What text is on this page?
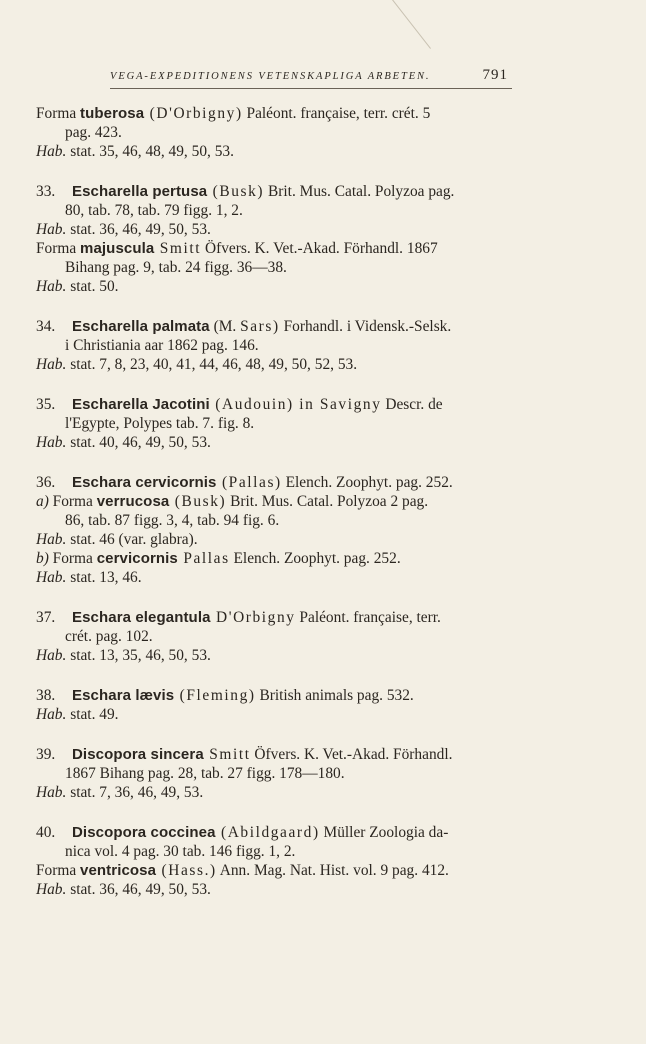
VEGA-EXPEDITIONENS VETENSKAPLIGA ARBETEN.	791
Forma tuberosa (D'Orbigny) Paléont. française, terr. crét. 5
pag. 423.
Hab. stat. 35, 46, 48, 49, 50, 53.
33. Escharella pertusa (Busk) Brit. Mus. Catal. Polyzoa pag.
80, tab. 78, tab. 79 figg. 1, 2.
Hab. stat. 36, 46, 49, 50, 53.
Forma majuscula Smitt Öfvers. K. Vet.-Akad. Förhandl. 1867
Bihang pag. 9, tab. 24 figg. 36—38.
Hab. stat. 50.
34. Escharella palmata (M. Sars) Forhandl. i Vidensk.-Selsk.
i Christiania aar 1862 pag. 146.
Hab. stat. 7, 8, 23, 40, 41, 44, 46, 48, 49, 50, 52, 53.
35. Escharella Jacotini (Audouin) in Savigny Descr. de
l'Egypte, Polypes tab. 7. fig. 8.
Hab. stat. 40, 46, 49, 50, 53.
36. Eschara cervicornis (Pallas) Elench. Zoophyt. pag. 252.
a) Forma verrucosa (Busk) Brit. Mus. Catal. Polyzoa 2 pag.
86, tab. 87 figg. 3, 4, tab. 94 fig. 6.
Hab. stat. 46 (var. glabra).
b) Forma cervicornis Pallas Elench. Zoophyt. pag. 252.
Hab. stat. 13, 46.
37. Eschara elegantula D'Orbigny Paléont. française, terr.
crét. pag. 102.
Hab. stat. 13, 35, 46, 50, 53.
38. Eschara lævis (Fleming) British animals pag. 532.
Hab. stat. 49.
39. Discopora sincera Smitt Öfvers. K. Vet.-Akad. Förhandl.
1867 Bihang pag. 28, tab. 27 figg. 178—180.
Hab. stat. 7, 36, 46, 49, 53.
40. Discopora coccinea (Abildgaard) Müller Zoologia da-
nica vol. 4 pag. 30 tab. 146 figg. 1, 2.
Forma ventricosa (Hass.) Ann. Mag. Nat. Hist. vol. 9 pag. 412.
Hab. stat. 36, 46, 49, 50, 53.
